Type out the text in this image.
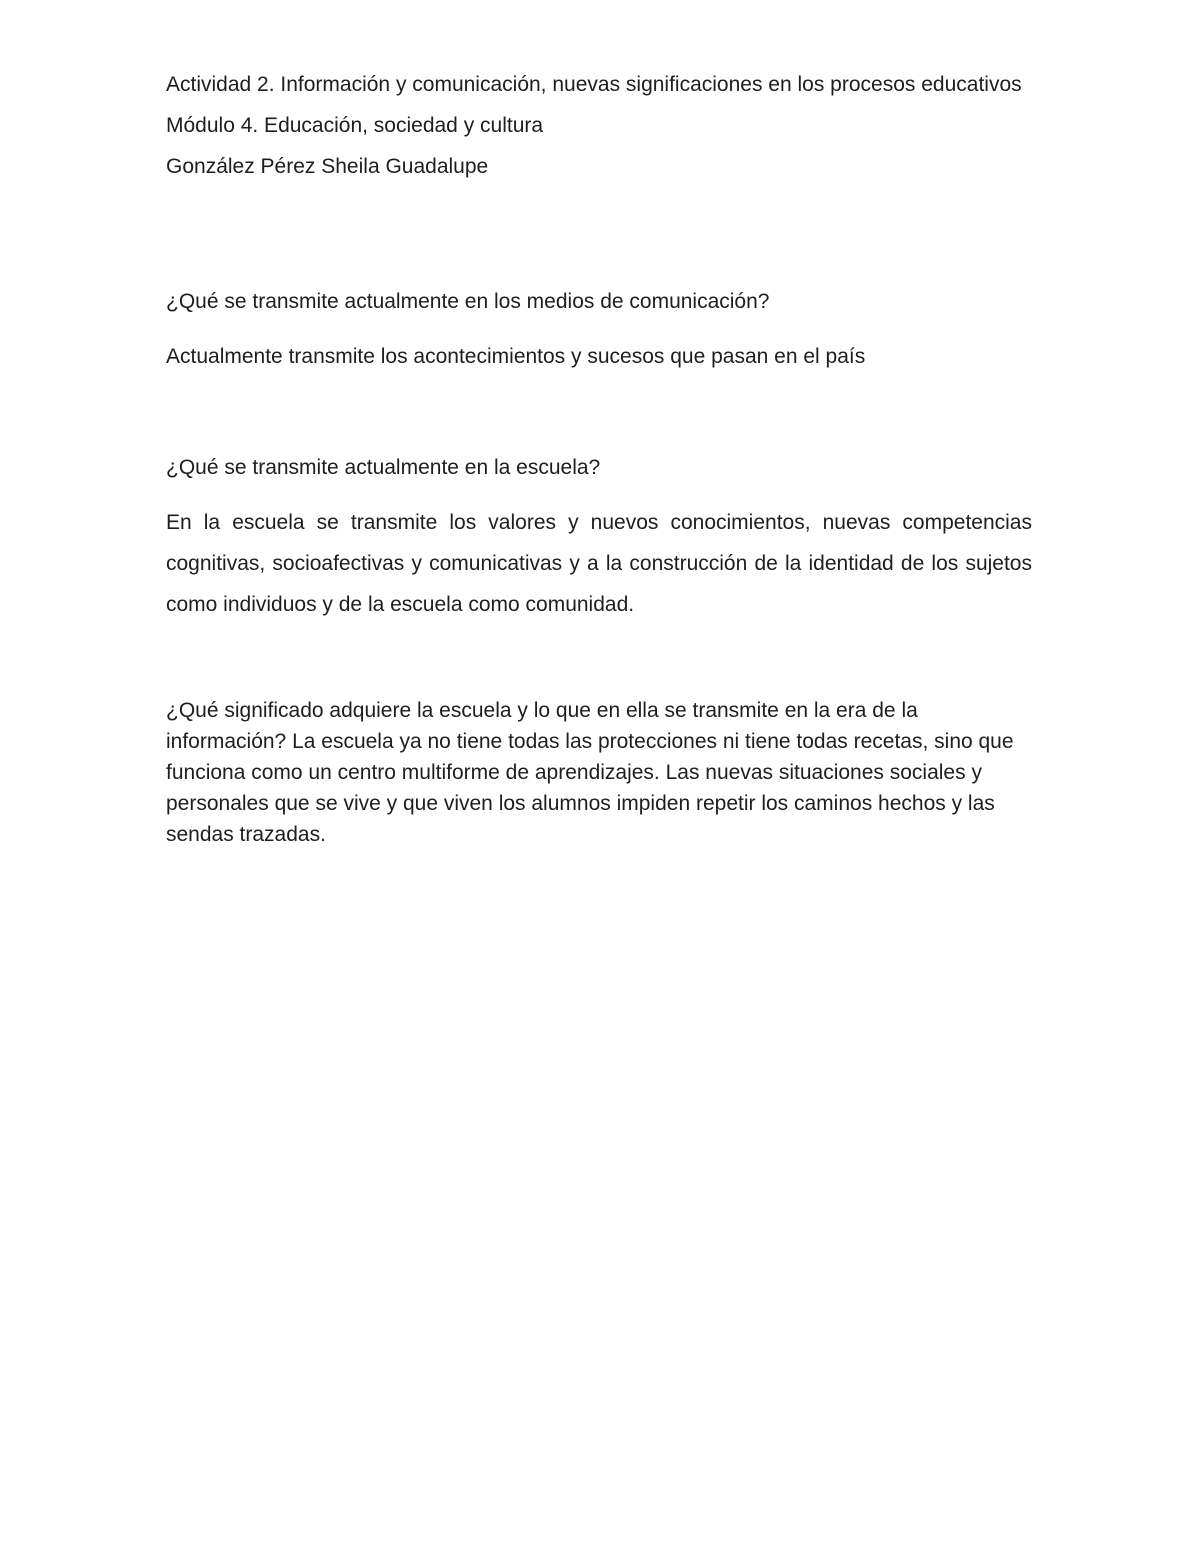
Actividad 2. Información y comunicación, nuevas significaciones en los procesos educativos

Módulo 4. Educación, sociedad y cultura

González Pérez Sheila Guadalupe

¿Qué se transmite actualmente en los medios de comunicación?

Actualmente transmite los acontecimientos y sucesos que pasan en el país

¿Qué se transmite actualmente en la escuela?

En la escuela se transmite los valores y nuevos conocimientos, nuevas competencias cognitivas, socioafectivas y comunicativas y a la construcción de la identidad de los sujetos como individuos y de la escuela como comunidad.

¿Qué significado adquiere la escuela y lo que en ella se transmite en la era de la información? La escuela ya no tiene todas las protecciones ni tiene todas recetas, sino que funciona como un centro multiforme de aprendizajes. Las nuevas situaciones sociales y personales que se vive y que viven los alumnos impiden repetir los caminos hechos y las sendas trazadas.
